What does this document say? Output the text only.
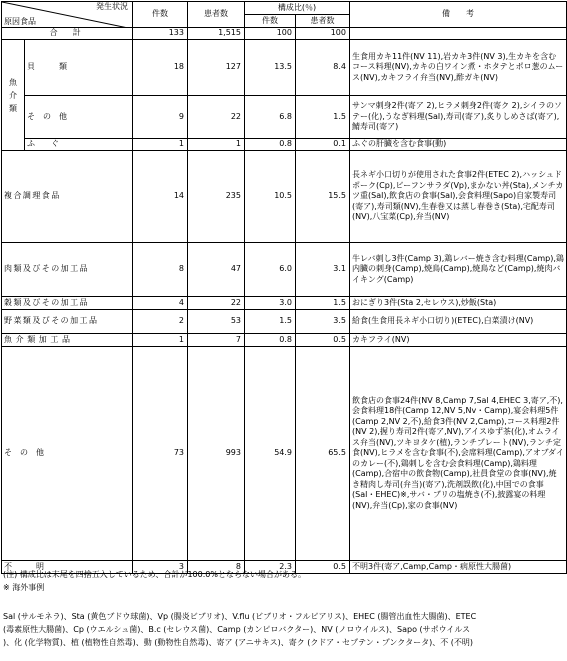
発生状況
原因食品		件数	患者数	構成比(％)		備　　考
				件数	患者数	
合　計		133	1,515	100	100	
魚
介
類	貝　　　類	18	127	13.5	8.4	生食用カキ11件(NV 11),岩カキ3件(NV 3),生カキを含むコース料理(NV),カキの白ワイン煮・ホタテとポロ葱のムース(NV),カキフライ弁当(NV),酢ガキ(NV)
	そ　の　他	9	22	6.8	1.5	サンマ刺身2件(寄ア 2),ヒラメ刺身2件(寄ク 2),シイラのソテー(化),うなぎ料理(Sal),寿司(寄ア),炙りしめさば(寄ア),鯖寿司(寄ア)
	ふ　　ぐ	1	1	0.8	0.1	ふぐの肝臓を含む食事(動)
複合調理食品		14	235	10.5	15.5	長ネギ小口切りが使用された食事2件(ETEC 2),ハッシュドポーク(Cp),ビーフンサラダ(Vp),まかない丼(Sta),メンチカツ重(Sal),飲食店の食事(Sal),会食料理(Sapo)自家製寿司(寄ア),寿司類(NV),生春巻又は蒸し春巻き(Sta),宅配寿司(NV),八宝菜(Cp),弁当(NV)
肉類及びその加工品		8	47	6.0	3.1	牛レバ刺し3件(Camp 3),鶏レバー焼き含む料理(Camp),鶏内臓の刺身(Camp),焼鳥(Camp),焼鳥など(Camp),焼肉バイキング(Camp)
穀類及びその加工品		4	22	3.0	1.5	おにぎり3件(Sta 2,セレウス),炒飯(Sta)
野菜類及びその加工品		2	53	1.5	3.5	給食(生食用長ネギ小口切り)(ETEC),白菜漬け(NV)
魚介類加工品		1	7	0.8	0.5	カキフライ(NV)
そ　の　他		73	993	54.9	65.5	飲食店の食事24件(NV 8,Camp 7,Sal 4,EHEC 3,寄ア,不),会食料理18件(Camp 12,NV 5,Nv・Camp),宴会料理5件(Camp 2,NV 2,不),給食3件(NV 2,Camp),コース料理2件(NV 2),握り寿司2件(寄ア,NV),アイスゆず茶(化),オムライス弁当(NV),ツキヨタケ(植),ランチプレート(NV),ランチ定食(NV),ヒラメを含む食事(不),会席料理(Camp),アオブダイのカレー(不),鶏刺しを含む会食料理(Camp),鶏料理(Camp),合宿中の飲食物(Camp),社員食堂の食事(NV),焼き精肉し寿司(弁当)(寄ア),洗剤誤飲(化),中国での食事(Sal・EHEC)※,サバ・ブリの塩焼き(不),披露宴の料理(NV),弁当(Cp),家の食事(NV)
不　　　明		3	8	2.3	0.5	不明3件(寄ア,Camp,Camp・病原性大腸菌)
(注) 構成比は末尾を四捨五入しているため、合計が100.0%とならない場合がある。
※ 海外事例
Sal (サルモネラ)、Sta (黄色ブドウ球菌)、Vp (腸炎ビブリオ)、V.flu (ビブリオ・フルビアリス)、EHEC (腸管出血性大腸菌)、ETEC
(毒素原性大腸菌)、Cp (ウエルシュ菌)、B.c (セレウス菌)、Camp (カンピロバクター)、NV (ノロウイルス)、Sapo (サポウイルス
)、化 (化学物質)、植 (植物性自然毒)、動 (動物性自然毒)、寄ア (アニサキス)、寄ク (クドア・セプテン・プンクタータ)、不 (不明)
